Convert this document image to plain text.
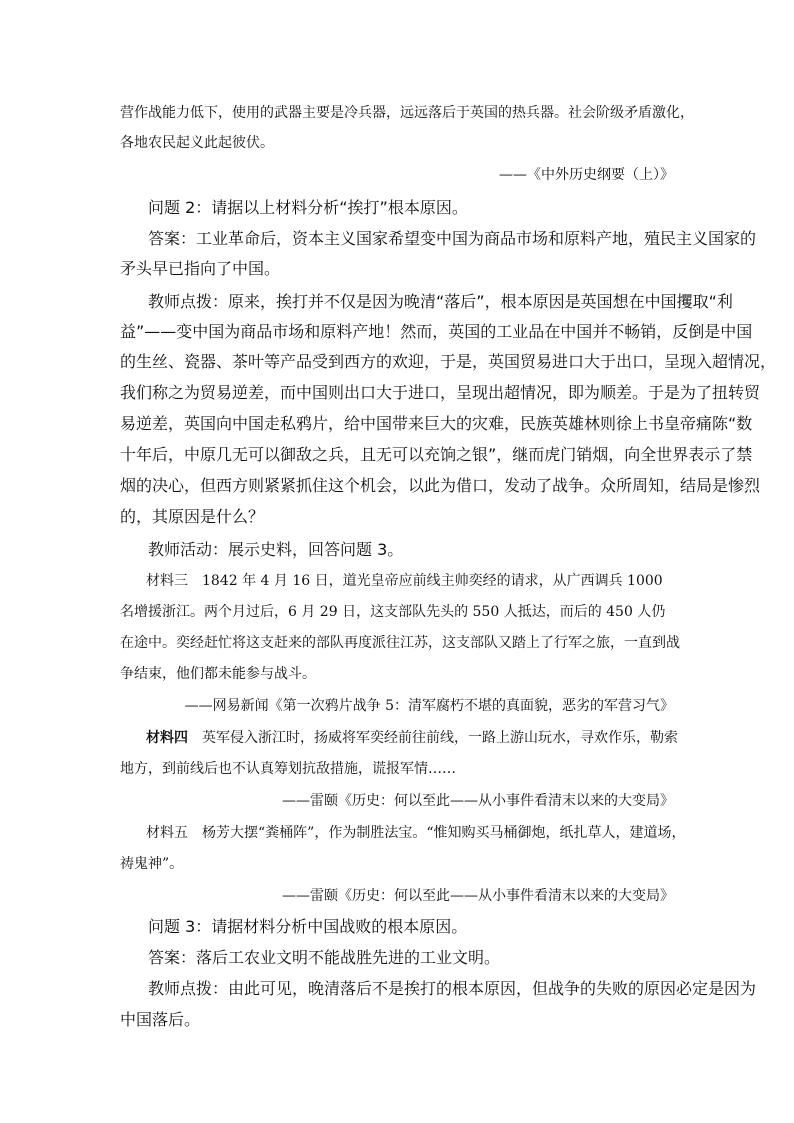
营作战能力低下，使用的武器主要是冷兵器，远远落后于英国的热兵器。社会阶级矛盾激化，
各地农民起义此起彼伏。
——《中外历史纲要（上）》
问题 2：请据以上材料分析“挨打”根本原因。
答案：工业革命后，资本主义国家希望变中国为商品市场和原料产地，殖民主义国家的
矛头早已指向了中国。
教师点拨：原来，挨打并不仅是因为晚清“落后”，根本原因是英国想在中国攫取“利
益”——变中国为商品市场和原料产地！然而，英国的工业品在中国并不畅销，反倒是中国
的生丝、瓷器、茶叶等产品受到西方的欢迎，于是，英国贸易进口大于出口，呈现入超情况，
我们称之为贸易逆差，而中国则出口大于进口，呈现出超情况，即为顺差。于是为了扭转贸
易逆差，英国向中国走私鸦片，给中国带来巨大的灾难，民族英雄林则徐上书皇帝痛陈“数
十年后，中原几无可以御敌之兵，且无可以充饷之银”，继而虎门销烟，向全世界表示了禁
烟的决心，但西方则紧紧抓住这个机会，以此为借口，发动了战争。众所周知，结局是惨烈
的，其原因是什么？
教师活动：展示史料，回答问题 3。
材料三　1842 年 4 月 16 日，道光皇帝应前线主帅奕经的请求，从广西调兵 1000
名增援浙江。两个月过后，6 月 29 日，这支部队先头的 550 人抵达，而后的 450 人仍
在途中。奕经赶忙将这支赶来的部队再度派往江苏，这支部队又踏上了行军之旅，一直到战
争结束，他们都未能参与战斗。
——网易新闻《第一次鸦片战争 5：清军腐朽不堪的真面貌，恶劣的军营习气》
材料四　英军侵入浙江时，扬威将军奕经前往前线，一路上游山玩水，寻欢作乐，勒索
地方，到前线后也不认真筹划抗敌措施，谎报军情……
——雷颐《历史：何以至此——从小事件看清末以来的大变局》
材料五　杨芳大摆“粪桶阵”，作为制胜法宝。“惟知购买马桶御炮，纸扎草人，建道场，
祷鬼神”。
——雷颐《历史：何以至此——从小事件看清末以来的大变局》
问题 3：请据材料分析中国战败的根本原因。
答案：落后工农业文明不能战胜先进的工业文明。
教师点拨：由此可见，晚清落后不是挨打的根本原因，但战争的失败的原因必定是因为
中国落后。
